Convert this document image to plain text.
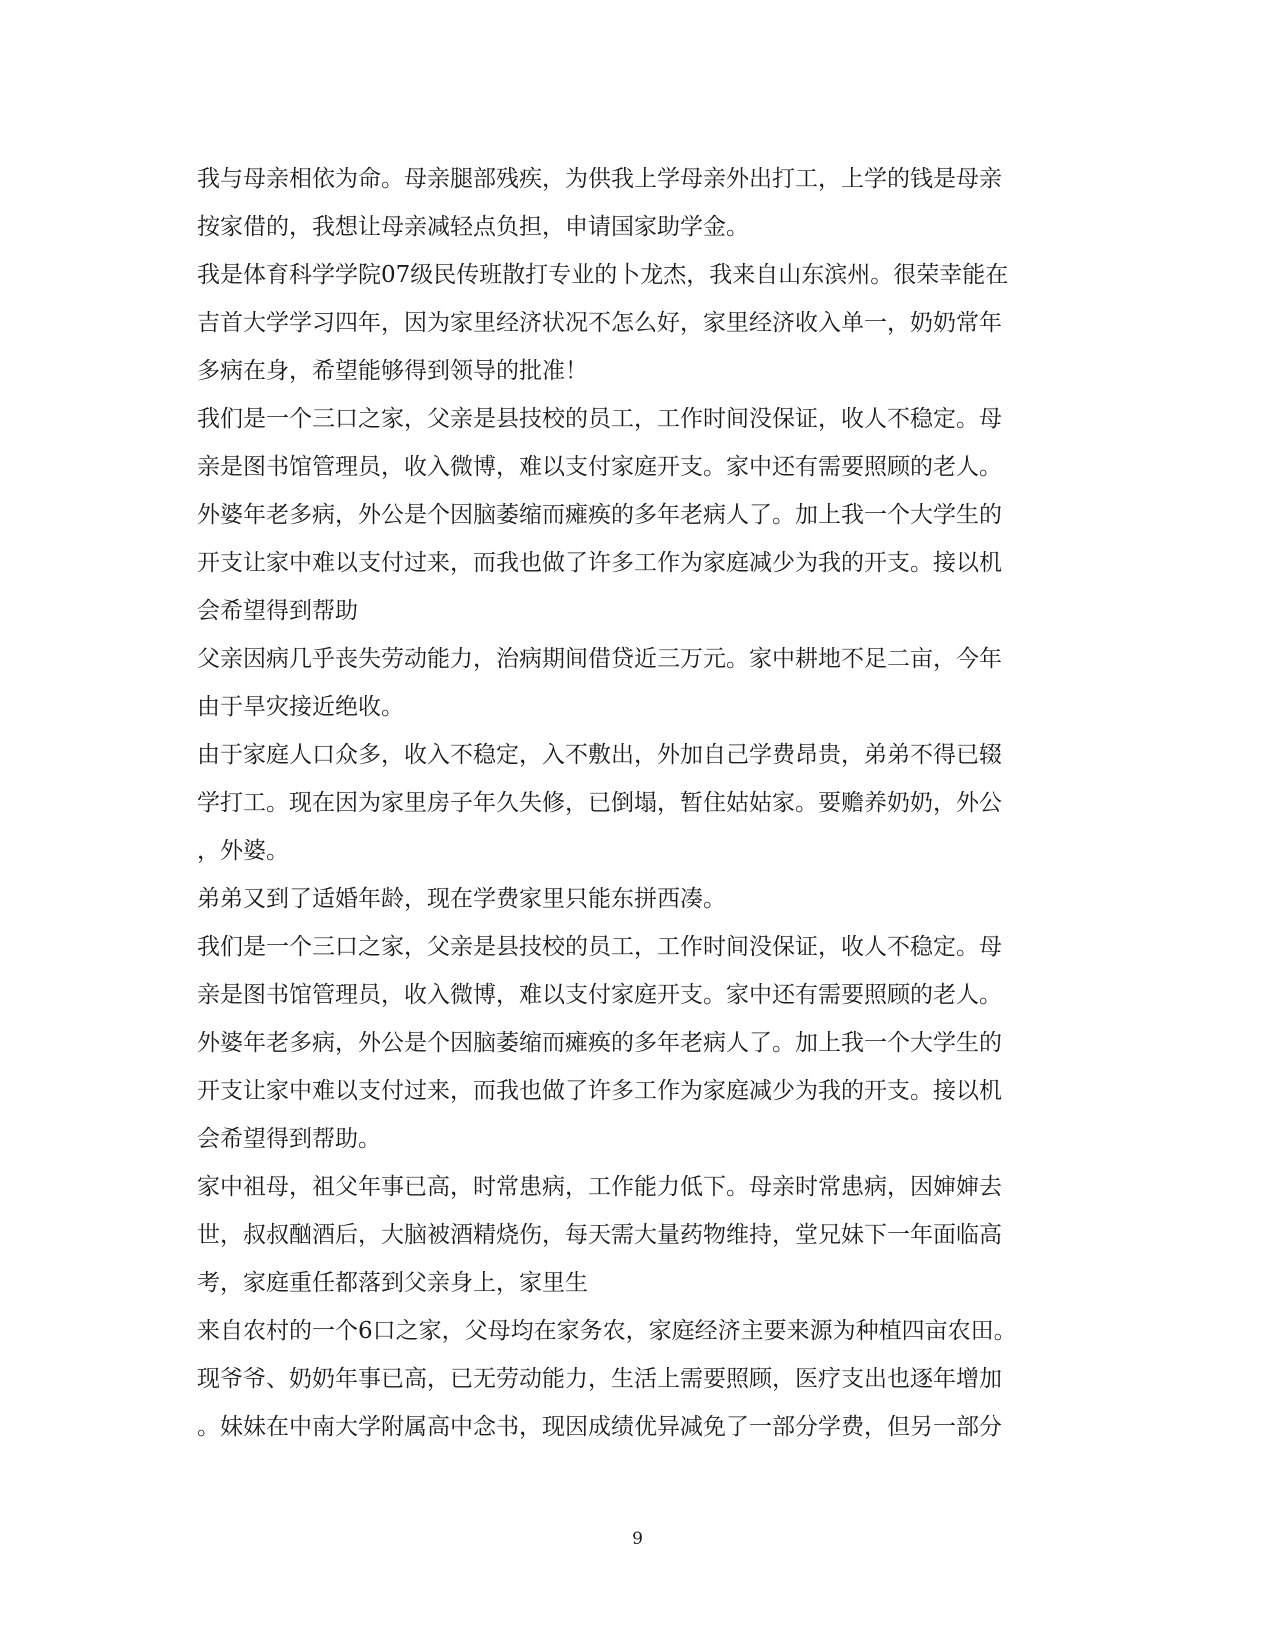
我与母亲相依为命。母亲腿部残疾，为供我上学母亲外出打工，上学的钱是母亲
按家借的，我想让母亲减轻点负担，申请国家助学金。
我是体育科学学院07级民传班散打专业的卜龙杰，我来自山东滨州。很荣幸能在
吉首大学学习四年，因为家里经济状况不怎么好，家里经济收入单一，奶奶常年
多病在身，希望能够得到领导的批准！
我们是一个三口之家，父亲是县技校的员工，工作时间没保证，收人不稳定。母
亲是图书馆管理员，收入微博，难以支付家庭开支。家中还有需要照顾的老人。
外婆年老多病，外公是个因脑萎缩而瘫痪的多年老病人了。加上我一个大学生的
开支让家中难以支付过来，而我也做了许多工作为家庭减少为我的开支。接以机
会希望得到帮助
父亲因病几乎丧失劳动能力，治病期间借贷近三万元。家中耕地不足二亩，今年
由于旱灾接近绝收。
由于家庭人口众多，收入不稳定，入不敷出，外加自己学费昂贵，弟弟不得已辍
学打工。现在因为家里房子年久失修，已倒塌，暂住姑姑家。要赡养奶奶，外公
，外婆。
弟弟又到了适婚年龄，现在学费家里只能东拼西凑。
我们是一个三口之家，父亲是县技校的员工，工作时间没保证，收人不稳定。母
亲是图书馆管理员，收入微博，难以支付家庭开支。家中还有需要照顾的老人。
外婆年老多病，外公是个因脑萎缩而瘫痪的多年老病人了。加上我一个大学生的
开支让家中难以支付过来，而我也做了许多工作为家庭减少为我的开支。接以机
会希望得到帮助。
家中祖母，祖父年事已高，时常患病，工作能力低下。母亲时常患病，因婶婶去
世，叔叔酗酒后，大脑被酒精烧伤，每天需大量药物维持，堂兄妹下一年面临高
考，家庭重任都落到父亲身上，家里生
来自农村的一个6口之家，父母均在家务农，家庭经济主要来源为种植四亩农田。
现爷爷、奶奶年事已高，已无劳动能力，生活上需要照顾，医疗支出也逐年增加
。妹妹在中南大学附属高中念书，现因成绩优异减免了一部分学费，但另一部分
9
